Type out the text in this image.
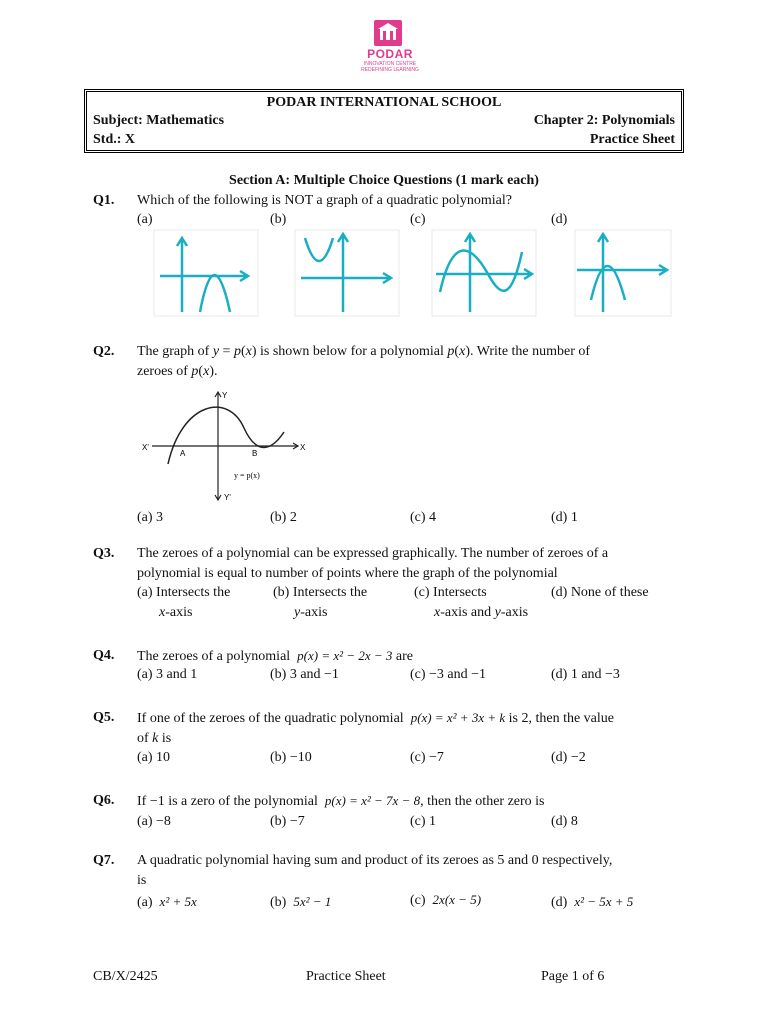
PODAR
INNOVATION CENTRE
REDEFINING LEARNING
PODAR INTERNATIONAL SCHOOL
Subject: Mathematics	Chapter 2: Polynomials
Std.: X	Practice Sheet
Section A: Multiple Choice Questions (1 mark each)
Q1. Which of the following is NOT a graph of a quadratic polynomial?
(a)	(b)	(c)	(d)
Q2. The graph of y = p(x) is shown below for a polynomial p(x). Write the number of
zeroes of p(x).
X'	X
Y
Y'
A	B
y = p(x)
(a) 3	(b) 2	(c) 4	(d) 1
Q3. The zeroes of a polynomial can be expressed graphically. The number of zeroes of a
polynomial is equal to number of points where the graph of the polynomial
(a) Intersects the
x-axis
(b) Intersects the
y-axis
(c) Intersects
x-axis and y-axis
(d) None of these
Q4. The zeroes of a polynomial p(x) = x² − 2x − 3 are
(a) 3 and 1	(b) 3 and −1	(c) −3 and −1	(d) 1 and −3
Q5. If one of the zeroes of the quadratic polynomial p(x) = x² + 3x + k is 2, then the value
of k is
(a) 10	(b) −10	(c) −7	(d) −2
Q6. If −1 is a zero of the polynomial p(x) = x² − 7x − 8, then the other zero is
(a) −8	(b) −7	(c) 1	(d) 8
Q7. A quadratic polynomial having sum and product of its zeroes as 5 and 0 respectively,
is
(a) x² + 5x	(b) 5x² − 1	(c) 2x(x − 5)	(d) x² − 5x + 5
CB/X/2425	Practice Sheet	Page 1 of 6
